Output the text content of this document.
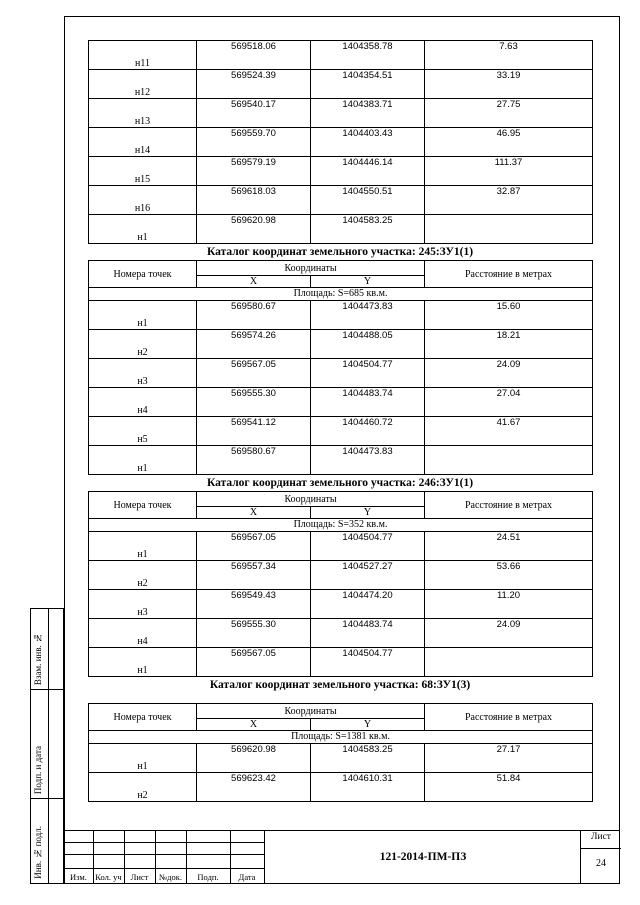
н11	569518.06	1404358.78	7.63
н12	569524.39	1404354.51	33.19
н13	569540.17	1404383.71	27.75
н14	569559.70	1404403.43	46.95
н15	569579.19	1404446.14	111.37
н16	569618.03	1404550.51	32.87
н1	569620.98	1404583.25	
Каталог координат земельного участка: 245:ЗУ1(1)
Номера точек	Координаты		Расстояние в метрах
	X	Y	
Площадь: S=685 кв.м.			
н1	569580.67	1404473.83	15.60
н2	569574.26	1404488.05	18.21
н3	569567.05	1404504.77	24.09
н4	569555.30	1404483.74	27.04
н5	569541.12	1404460.72	41.67
н1	569580.67	1404473.83	
Каталог координат земельного участка: 246:ЗУ1(1)
Номера точек	Координаты		Расстояние в метрах
	X	Y	
Площадь: S=352 кв.м.			
н1	569567.05	1404504.77	24.51
н2	569557.34	1404527.27	53.66
н3	569549.43	1404474.20	11.20
н4	569555.30	1404483.74	24.09
н1	569567.05	1404504.77	
Каталог координат земельного участка: 68:ЗУ1(3)
Номера точек	Координаты		Расстояние в метрах
	X	Y	
Площадь: S=1381 кв.м.			
н1	569620.98	1404583.25	27.17
н2	569623.42	1404610.31	51.84
Взам. инв. №
Подп. и дата
Инв. № подл.	Изм. Кол. уч	Лист	№док.	Подп.	Дата
121-2014-ПМ-ПЗ
Лист
24
